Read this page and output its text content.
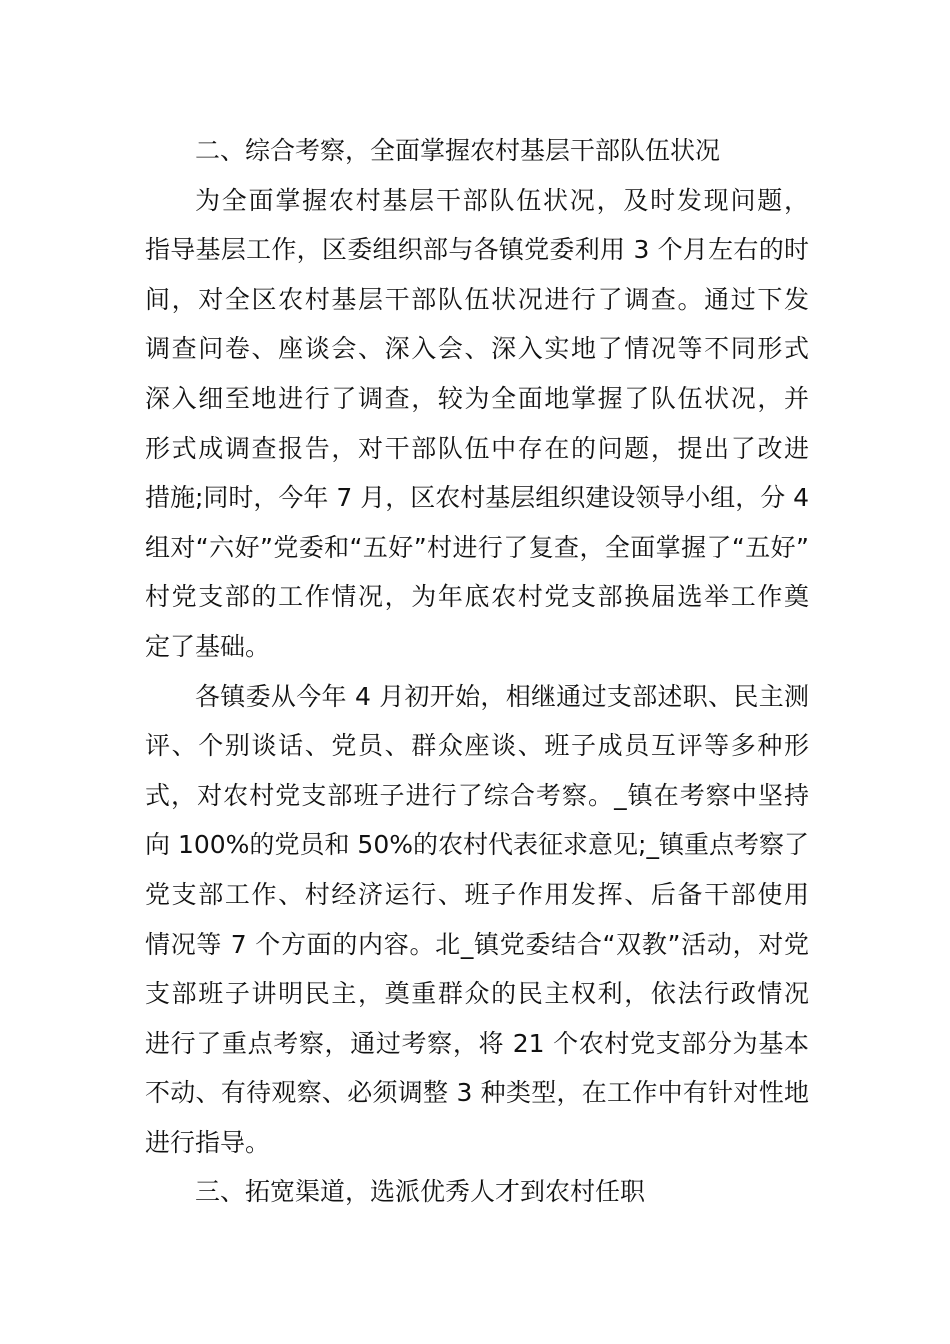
二、综合考察，全面掌握农村基层干部队伍状况
为全面掌握农村基层干部队伍状况，及时发现问题，
指导基层工作，区委组织部与各镇党委利用 3 个月左右的时
间，对全区农村基层干部队伍状况进行了调查。通过下发
调查问卷、座谈会、深入会、深入实地了情况等不同形式
深入细至地进行了调查，较为全面地掌握了队伍状况，并
形式成调查报告，对干部队伍中存在的问题，提出了改进
措施;同时，今年 7 月，区农村基层组织建设领导小组，分 4
组对“六好”党委和“五好”村进行了复查，全面掌握了“五好”
村党支部的工作情况，为年底农村党支部换届选举工作奠
定了基础。
各镇委从今年 4 月初开始，相继通过支部述职、民主测
评、个别谈话、党员、群众座谈、班子成员互评等多种形
式，对农村党支部班子进行了综合考察。_镇在考察中坚持
向 100%的党员和 50%的农村代表征求意见;_镇重点考察了
党支部工作、村经济运行、班子作用发挥、后备干部使用
情况等 7 个方面的内容。北_镇党委结合“双教”活动，对党
支部班子讲明民主，奠重群众的民主权利，依法行政情况
进行了重点考察，通过考察，将 21 个农村党支部分为基本
不动、有待观察、必须调整 3 种类型，在工作中有针对性地
进行指导。
三、拓宽渠道，选派优秀人才到农村任职
